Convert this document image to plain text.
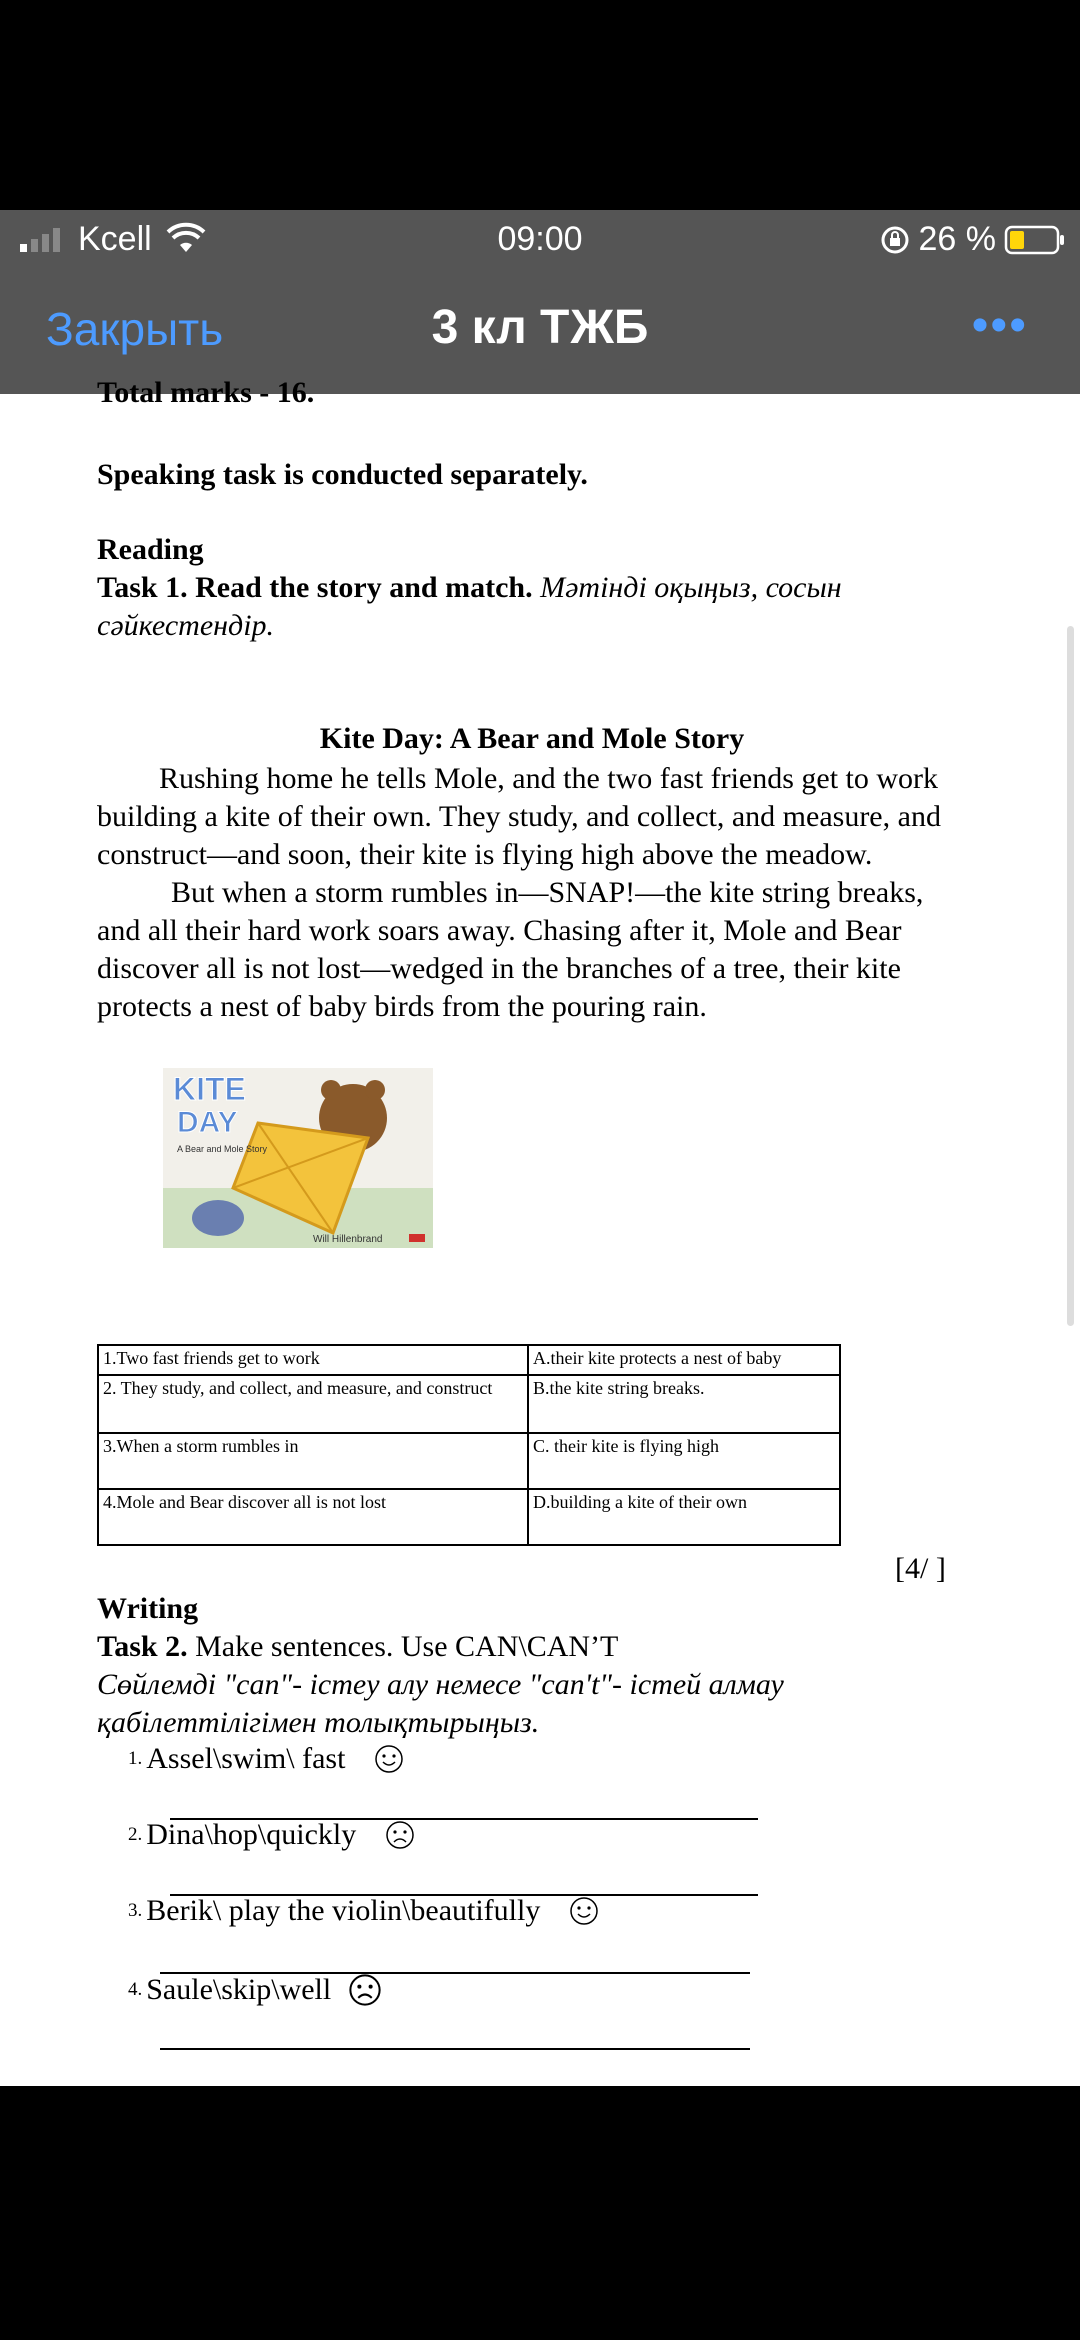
Kcell	09:00	26 %
Закрыть	3 кл ТЖБ	•••
Total marks - 16.
Speaking task is conducted separately.
Reading
Task 1. Read the story and match. Мәтінді оқыңыз, сосын
сәйкестендір.
Kite Day: A Bear and Mole Story
Rushing home he tells Mole, and the two fast friends get to work building a kite of their own. They study, and collect, and measure, and construct—and soon, their kite is flying high above the meadow.
But when a storm rumbles in—SNAP!—the kite string breaks, and all their hard work soars away. Chasing after it, Mole and Bear discover all is not lost—wedged in the branches of a tree, their kite protects a nest of baby birds from the pouring rain.
KITE
DAY
A Bear and Mole Story
Will Hillenbrand
1.Two fast friends get to work	A.their kite protects a nest of baby
2. They study, and collect, and measure, and construct	B.the kite string breaks.
3.When a storm rumbles in	C. their kite is flying high
4.Mole and Bear discover all is not lost	D.building a kite of their own
[4/ ]
Writing
Task 2. Make sentences. Use CAN\CAN’T
Сөйлемді "can"- істеу алу немесе "can't"- істей алмау
қабілеттілігімен толықтырыңыз.
1. Assel\swim\ fast
2. Dina\hop\quickly
3. Berik\ play the violin\beautifully
4. Saule\skip\well
